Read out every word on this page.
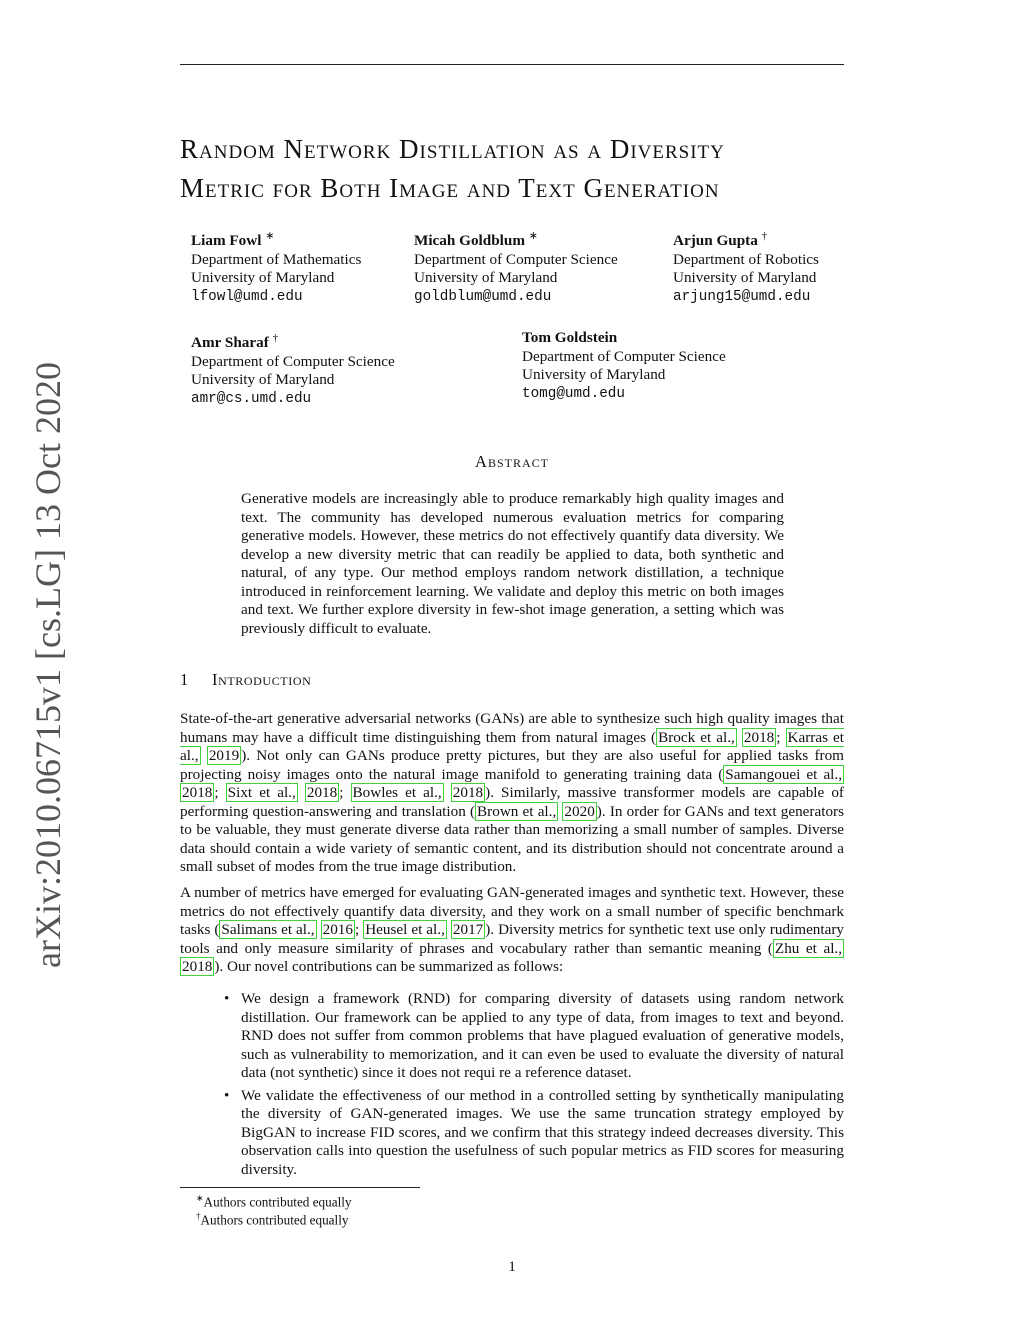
arXiv:2010.06715v1 [cs.LG] 13 Oct 2020
Random Network Distillation as a Diversity
Metric for Both Image and Text Generation
Liam Fowl ∗
Department of Mathematics
University of Maryland
lfowl@umd.edu
Micah Goldblum ∗
Department of Computer Science
University of Maryland
goldblum@umd.edu
Arjun Gupta †
Department of Robotics
University of Maryland
arjung15@umd.edu
Amr Sharaf †
Department of Computer Science
University of Maryland
amr@cs.umd.edu
Tom Goldstein
Department of Computer Science
University of Maryland
tomg@umd.edu
Abstract
Generative models are increasingly able to produce remarkably high quality images and text. The community has developed numerous evaluation metrics for comparing generative models. However, these metrics do not effectively quantify data diversity. We develop a new diversity metric that can readily be applied to data, both synthetic and natural, of any type. Our method employs random network distillation, a technique introduced in reinforcement learning. We validate and deploy this metric on both images and text. We further explore diversity in few-shot image generation, a setting which was previously difficult to evaluate.
1 Introduction

State-of-the-art generative adversarial networks (GANs) are able to synthesize such high quality images that humans may have a difficult time distinguishing them from natural images ( Brock et al., 2018 ; Karras et al., 2019 ). Not only can GANs produce pretty pictures, but they are also useful for applied tasks from projecting noisy images onto the natural image manifold to generating training data ( Samangouei et al., 2018 ; Sixt et al., 2018 ; Bowles et al., 2018 ). Similarly, massive transformer models are capable of performing question-answering and translation ( Brown et al., 2020 ). In order for GANs and text generators to be valuable, they must generate diverse data rather than memorizing a small number of samples. Diverse data should contain a wide variety of semantic content, and its distribution should not concentrate around a small subset of modes from the true image distribution.

A number of metrics have emerged for evaluating GAN-generated images and synthetic text. However, these metrics do not effectively quantify data diversity, and they work on a small number of specific benchmark tasks ( Salimans et al., 2016 ; Heusel et al., 2017 ). Diversity metrics for synthetic text use only rudimentary tools and only measure similarity of phrases and vocabulary rather than semantic meaning ( Zhu et al., 2018 ). Our novel contributions can be summarized as follows:

• We design a framework (RND) for comparing diversity of datasets using random network distillation. Our framework can be applied to any type of data, from images to text and beyond. RND does not suffer from common problems that have plagued evaluation of generative models, such as vulnerability to memorization, and it can even be used to evaluate the diversity of natural data (not synthetic) since it does not requi re a reference dataset.
• We validate the effectiveness of our method in a controlled setting by synthetically manipulating the diversity of GAN-generated images. We use the same truncation strategy employed by BigGAN to increase FID scores, and we confirm that this strategy indeed decreases diversity. This observation calls into question the usefulness of such popular metrics as FID scores for measuring diversity.
∗Authors contributed equally
†Authors contributed equally
1
